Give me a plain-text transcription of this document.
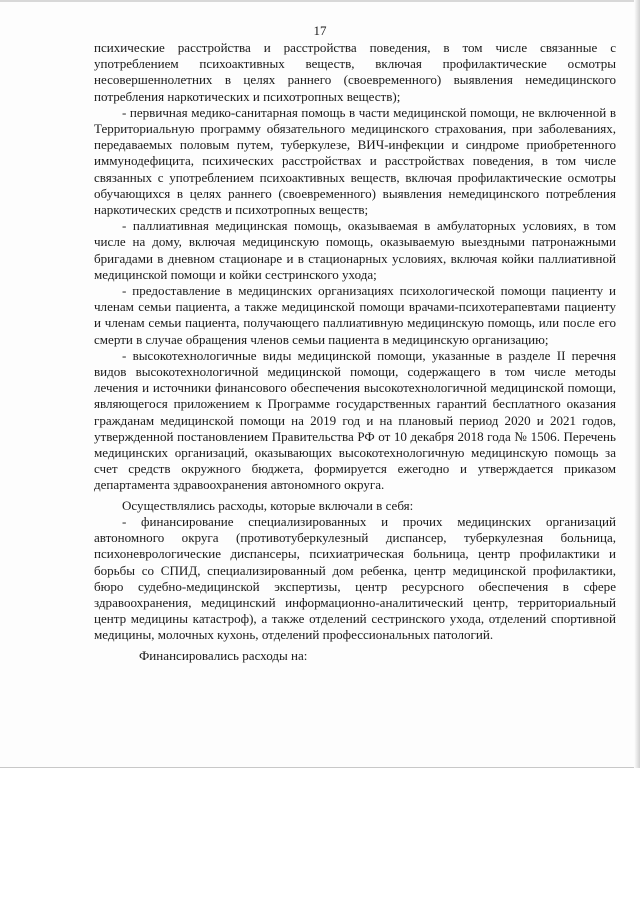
17

психические расстройства и расстройства поведения, в том числе связанные с употреблением психоактивных веществ, включая профилактические осмотры несовершеннолетних в целях раннего (своевременного) выявления немедицинского потребления наркотических и психотропных веществ);

- первичная медико-санитарная помощь в части медицинской помощи, не включенной в Территориальную программу обязательного медицинского страхования, при заболеваниях, передаваемых половым путем, туберкулезе, ВИЧ-инфекции и синдроме приобретенного иммунодефицита, психических расстройствах и расстройствах поведения, в том числе связанных с употреблением психоактивных веществ, включая профилактические осмотры обучающихся в целях раннего (своевременного) выявления немедицинского потребления наркотических средств и психотропных веществ;

- паллиативная медицинская помощь, оказываемая в амбулаторных условиях, в том числе на дому, включая медицинскую помощь, оказываемую выездными патронажными бригадами в дневном стационаре и в стационарных условиях, включая койки паллиативной медицинской помощи и койки сестринского ухода;

- предоставление в медицинских организациях психологической помощи пациенту и членам семьи пациента, а также медицинской помощи врачами-психотерапевтами пациенту и членам семьи пациента, получающего паллиативную медицинскую помощь, или после его смерти в случае обращения членов семьи пациента в медицинскую организацию;

- высокотехнологичные виды медицинской помощи, указанные в разделе II перечня видов высокотехнологичной медицинской помощи, содержащего в том числе методы лечения и источники финансового обеспечения высокотехнологичной медицинской помощи, являющегося приложением к Программе государственных гарантий бесплатного оказания гражданам медицинской помощи на 2019 год и на плановый период 2020 и 2021 годов, утвержденной постановлением Правительства РФ от 10 декабря 2018 года № 1506. Перечень медицинских организаций, оказывающих высокотехнологичную медицинскую помощь за счет средств окружного бюджета, формируется ежегодно и утверждается приказом департамента здравоохранения автономного округа.

Осуществлялись расходы, которые включали в себя:

- финансирование специализированных и прочих медицинских организаций автономного округа (противотуберкулезный диспансер, туберкулезная больница, психоневрологические диспансеры, психиатрическая больница, центр профилактики и борьбы со СПИД, специализированный дом ребенка, центр медицинской профилактики, бюро судебно-медицинской экспертизы, центр ресурсного обеспечения в сфере здравоохранения, медицинский информационно-аналитический центр, территориальный центр медицины катастроф), а также отделений сестринского ухода, отделений спортивной медицины, молочных кухонь, отделений профессиональных патологий.

Финансировались расходы на:
